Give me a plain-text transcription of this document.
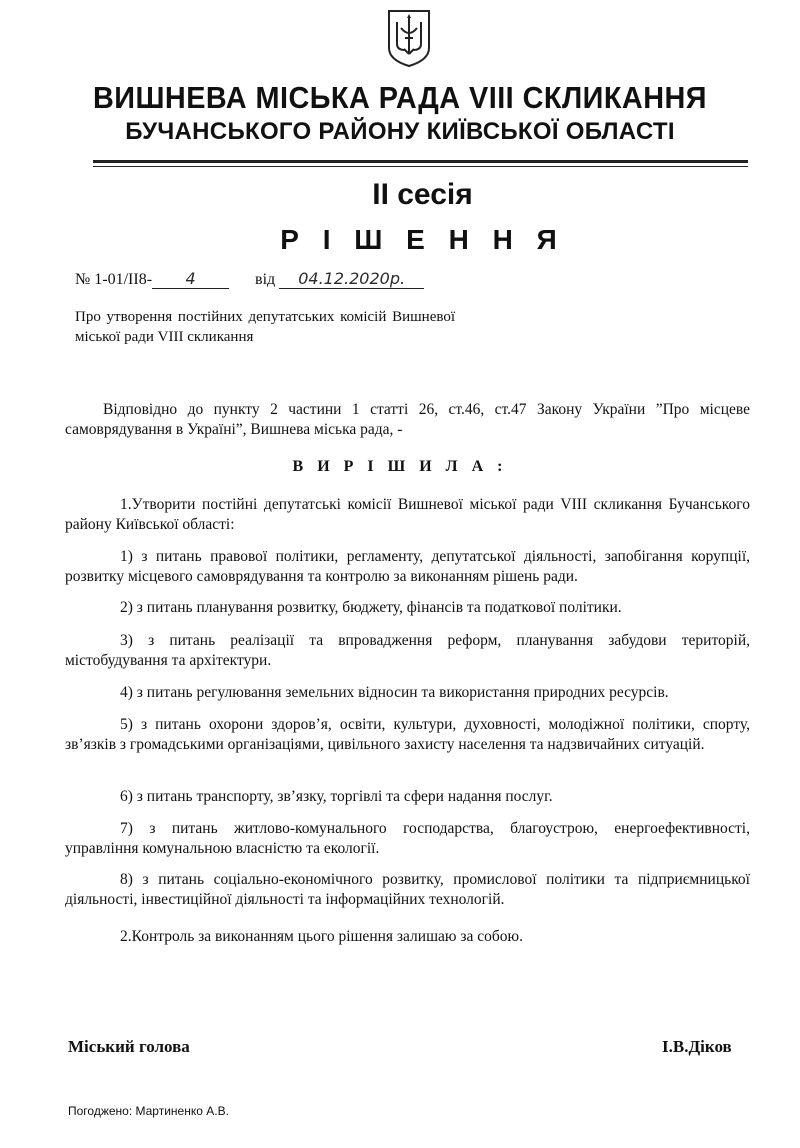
ВИШНЕВА МІСЬКА РАДА VIII СКЛИКАННЯ
БУЧАНСЬКОГО РАЙОНУ КИЇВСЬКОЇ ОБЛАСТІ
ІІ сесія
Р І Ш Е Н Н Я
№ 1-01/ІІ8- 4	від 04.12.2020р.
Про утворення постійних депутатських комісій Вишневої міської ради VIII скликання
Відповідно до пункту 2 частини 1 статті 26, ст.46, ст.47 Закону України ”Про місцеве самоврядування в Україні”, Вишнева міська рада, -
В И Р І Ш И Л А :
1.Утворити постійні депутатські комісії Вишневої міської ради VIII скликання Бучанського району Київської області:
1) з питань правової політики, регламенту, депутатської діяльності, запобігання корупції, розвитку місцевого самоврядування та контролю за виконанням рішень ради.
2) з питань планування розвитку, бюджету, фінансів та податкової політики.
3) з питань реалізації та впровадження реформ, планування забудови територій, містобудування та архітектури.
4) з питань регулювання земельних відносин та використання природних ресурсів.
5) з питань охорони здоров’я, освіти, культури, духовності, молодіжної політики, спорту, зв’язків з громадськими організаціями, цивільного захисту населення та надзвичайних ситуацій.
6) з питань транспорту, зв’язку, торгівлі та сфери надання послуг.
7) з питань житлово-комунального господарства, благоустрою, енергоефективності, управління комунальною власністю та екології.
8) з питань соціально-економічного розвитку, промислової політики та підприємницької діяльності, інвестиційної діяльності та інформаційних технологій.
2.Контроль за виконанням цього рішення залишаю за собою.
Міський голова	І.В.Діков
Погоджено: Мартиненко А.В.
